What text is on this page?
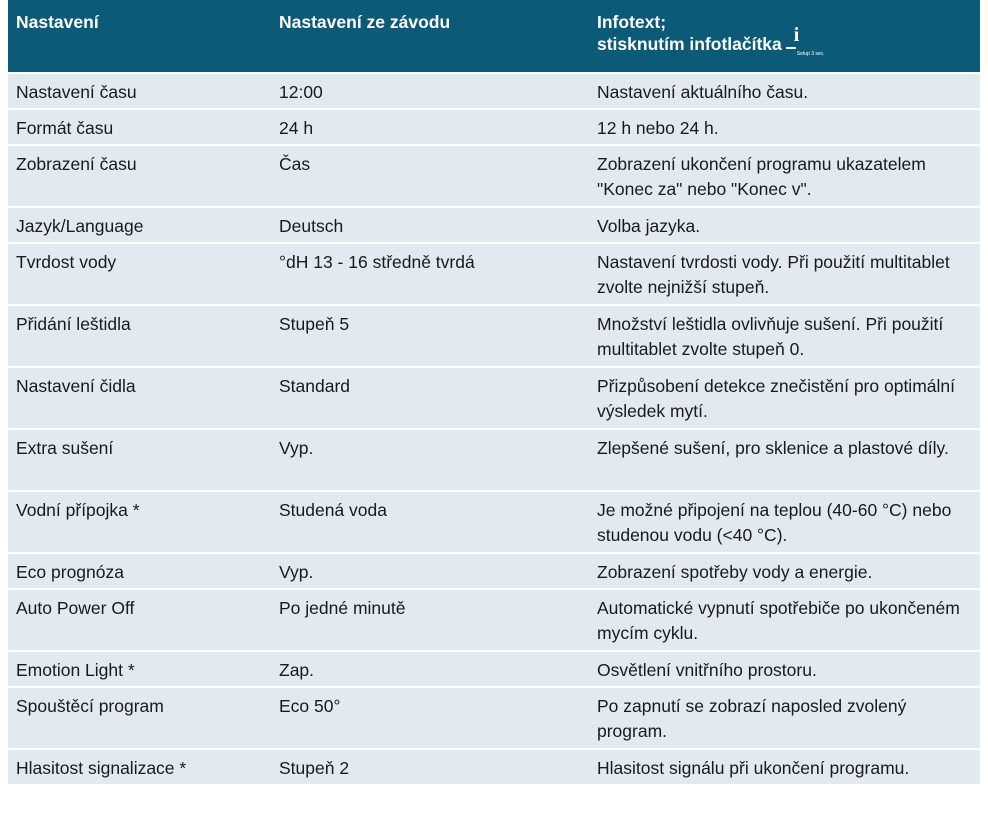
Nastavení	Nastavení ze závodu	Infotext;
stisknutím infotlačítka i
Setup 3 sec.
Nastavení času	12:00	Nastavení aktuálního času.
Formát času	24 h	12 h nebo 24 h.
Zobrazení času	Čas	Zobrazení ukončení programu ukazatelem "Konec za" nebo "Konec v".
Jazyk/Language	Deutsch	Volba jazyka.
Tvrdost vody	°dH 13 - 16 středně tvrdá	Nastavení tvrdosti vody. Při použití multitablet zvolte nejnižší stupeň.
Přidání leštidla	Stupeň 5	Množství leštidla ovlivňuje sušení. Při použití multitablet zvolte stupeň 0.
Nastavení čidla	Standard	Přizpůsobení detekce znečistění pro optimální výsledek mytí.
Extra sušení	Vyp.	Zlepšené sušení, pro sklenice a plastové díly.
Vodní přípojka *	Studená voda	Je možné připojení na teplou (40-60 °C) nebo studenou vodu (<40 °C).
Eco prognóza	Vyp.	Zobrazení spotřeby vody a energie.
Auto Power Off	Po jedné minutě	Automatické vypnutí spotřebiče po ukončeném mycím cyklu.
Emotion Light *	Zap.	Osvětlení vnitřního prostoru.
Spouštěcí program	Eco 50°	Po zapnutí se zobrazí naposled zvolený program.
Hlasitost signalizace *	Stupeň 2	Hlasitost signálu při ukončení programu.
